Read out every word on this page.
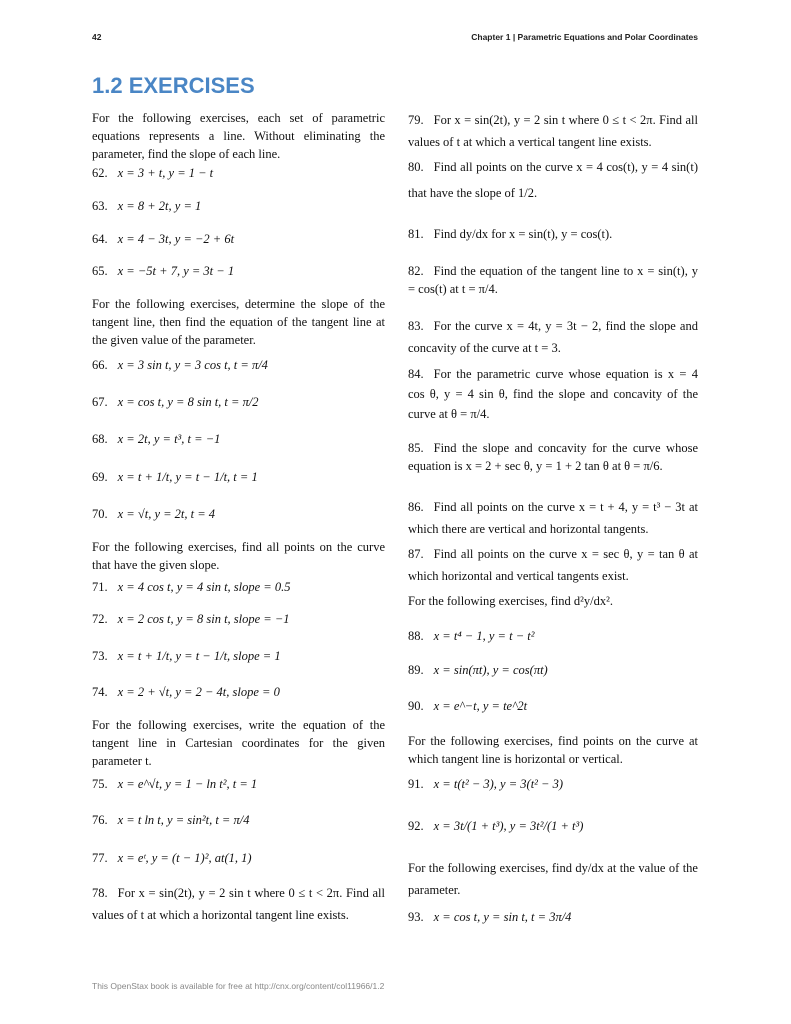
42	Chapter 1 | Parametric Equations and Polar Coordinates
1.2 EXERCISES
For the following exercises, each set of parametric equations represents a line. Without eliminating the parameter, find the slope of each line.
62. x = 3 + t, y = 1 − t
63. x = 8 + 2t, y = 1
64. x = 4 − 3t, y = −2 + 6t
65. x = −5t + 7, y = 3t − 1
For the following exercises, determine the slope of the tangent line, then find the equation of the tangent line at the given value of the parameter.
66. x = 3 sin t, y = 3 cos t, t = π/4
67. x = cos t, y = 8 sin t, t = π/2
68. x = 2t, y = t³, t = −1
69. x = t + 1/t, y = t − 1/t, t = 1
70. x = √t, y = 2t, t = 4
For the following exercises, find all points on the curve that have the given slope.
71. x = 4 cos t, y = 4 sin t, slope = 0.5
72. x = 2 cos t, y = 8 sin t, slope = −1
73. x = t + 1/t, y = t − 1/t, slope = 1
74. x = 2 + √t, y = 2 − 4t, slope = 0
For the following exercises, write the equation of the tangent line in Cartesian coordinates for the given parameter t.
75. x = e^√t, y = 1 − ln t², t = 1
76. x = t ln t, y = sin²t, t = π/4
77. x = eᵗ, y = (t − 1)², at(1, 1)
78. For x = sin(2t), y = 2 sin t where 0 ≤ t < 2π. Find all values of t at which a horizontal tangent line exists.
79. For x = sin(2t), y = 2 sin t where 0 ≤ t < 2π. Find all values of t at which a vertical tangent line exists.
80. Find all points on the curve x = 4 cos(t), y = 4 sin(t) that have the slope of 1/2.
81. Find dy/dx for x = sin(t), y = cos(t).
82. Find the equation of the tangent line to x = sin(t), y = cos(t) at t = π/4.
83. For the curve x = 4t, y = 3t − 2, find the slope and concavity of the curve at t = 3.
84. For the parametric curve whose equation is x = 4 cos θ, y = 4 sin θ, find the slope and concavity of the curve at θ = π/4.
85. Find the slope and concavity for the curve whose equation is x = 2 + sec θ, y = 1 + 2 tan θ at θ = π/6.
86. Find all points on the curve x = t + 4, y = t³ − 3t at which there are vertical and horizontal tangents.
87. Find all points on the curve x = sec θ, y = tan θ at which horizontal and vertical tangents exist.
For the following exercises, find d²y/dx².
88. x = t⁴ − 1, y = t − t²
89. x = sin(πt), y = cos(πt)
90. x = e^−t, y = te^2t
For the following exercises, find points on the curve at which tangent line is horizontal or vertical.
91. x = t(t² − 3), y = 3(t² − 3)
92. x = 3t/(1 + t³), y = 3t²/(1 + t³)
For the following exercises, find dy/dx at the value of the parameter.
93. x = cos t, y = sin t, t = 3π/4
This OpenStax book is available for free at http://cnx.org/content/col11966/1.2
